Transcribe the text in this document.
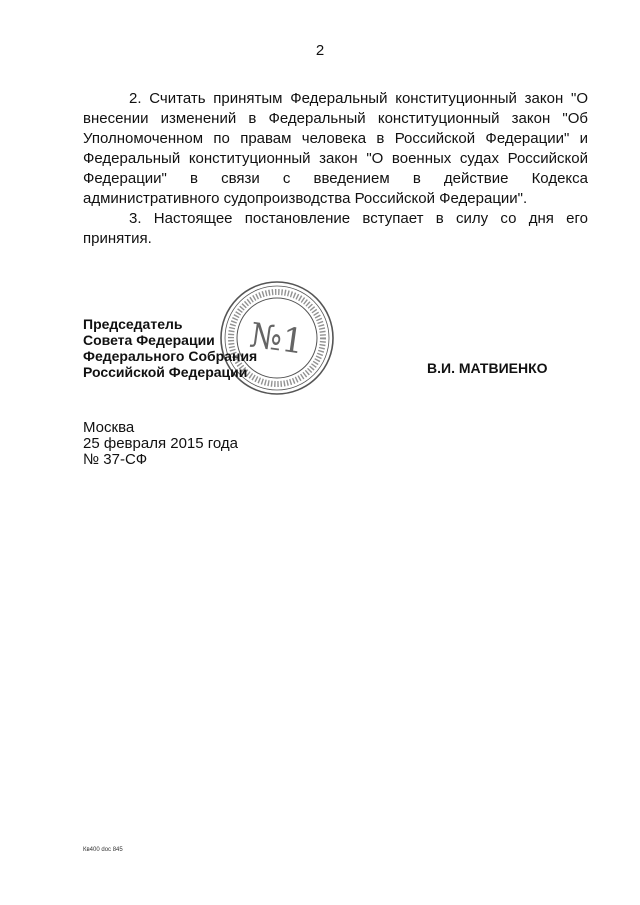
2

2. Считать принятым Федеральный конституционный закон "О внесении изменений в Федеральный конституционный закон "Об Уполномоченном по правам человека в Российской Федерации" и Федеральный конституционный закон "О военных судах Российской Федерации" в связи с введением в действие Кодекса административного судопроизводства Российской Федерации".

3. Настоящее постановление вступает в силу со дня его принятия.

№1
Председатель
Совета Федерации
Федерального Собрания
Российской Федерации	В.И. МАТВИЕНКО
Москва
25 февраля 2015 года
№ 37-СФ
Кв400 doc 845
